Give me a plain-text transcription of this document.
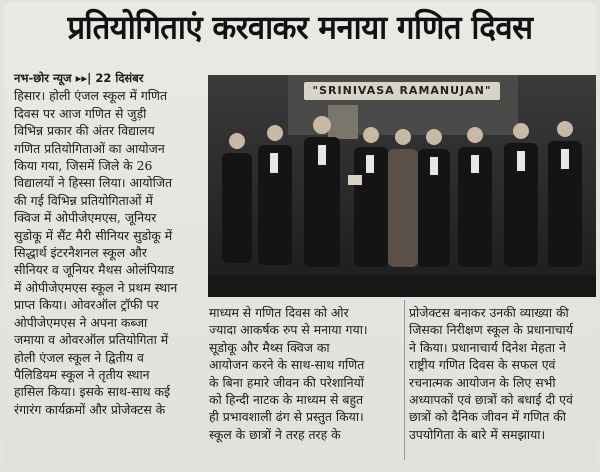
प्रतियोगिताएं करवाकर मनाया गणित दिवस
नभ-छोर न्यूज ▸▸| 22 दिसंबर

हिसार। होली एंजल स्कूल में गणित

दिवस पर आज गणित से जुड़ी

विभिन्न प्रकार की अंतर विद्यालय

गणित प्रतियोगिताओं का आयोजन

किया गया, जिसमें जिले के 26

विद्यालयों ने हिस्सा लिया। आयोजित

की गई विभिन्न प्रतियोगिताओं में

क्विज में ओपीजेएमएस, जूनियर

सुडोकू में सैंट मैरी सीनियर सुडोकू में

सिद्धार्थ इंटरनैशनल स्कूल और

सीनियर व जूनियर मैथस ओलंपियाड

में ओपीजेएमएस स्कूल ने प्रथम स्थान

प्राप्त किया। ओवरऑल ट्रॉफी पर

ओपीजेएमएस ने अपना कब्जा

जमाया व ओवरऑल प्रतियोगिता में

होली एंजल स्कूल ने द्वितीय व

पैलिडियम स्कूल ने तृतीय स्थान

हासिल किया। इसके साथ-साथ कई

रंगारंग कार्यक्रमों और प्रोजेक्टस के

"SRINIVASA RAMANUJAN"

माध्यम से गणित दिवस को ओर

ज्यादा आकर्षक रुप से मनाया गया।

सूडोकू और मैथ्स क्विज का

आयोजन करने के साथ-साथ गणित

के बिना हमारे जीवन की परेशानियों

को हिन्दी नाटक के माध्यम से बहुत

ही प्रभावशाली ढंग से प्रस्तुत किया।

स्कूल के छात्रों ने तरह तरह के

प्रोजेक्टस बनाकर उनकी व्याख्या की

जिसका निरीक्षण स्कूल के प्रधानाचार्य

ने किया। प्रधानाचार्य दिनेश मेहता ने

राष्ट्रीय गणित दिवस के सफल एवं

रचनात्मक आयोजन के लिए सभी

अध्यापकों एवं छात्रों को बधाई दी एवं

छात्रों को दैनिक जीवन में गणित की

उपयोगिता के बारे में समझाया।
